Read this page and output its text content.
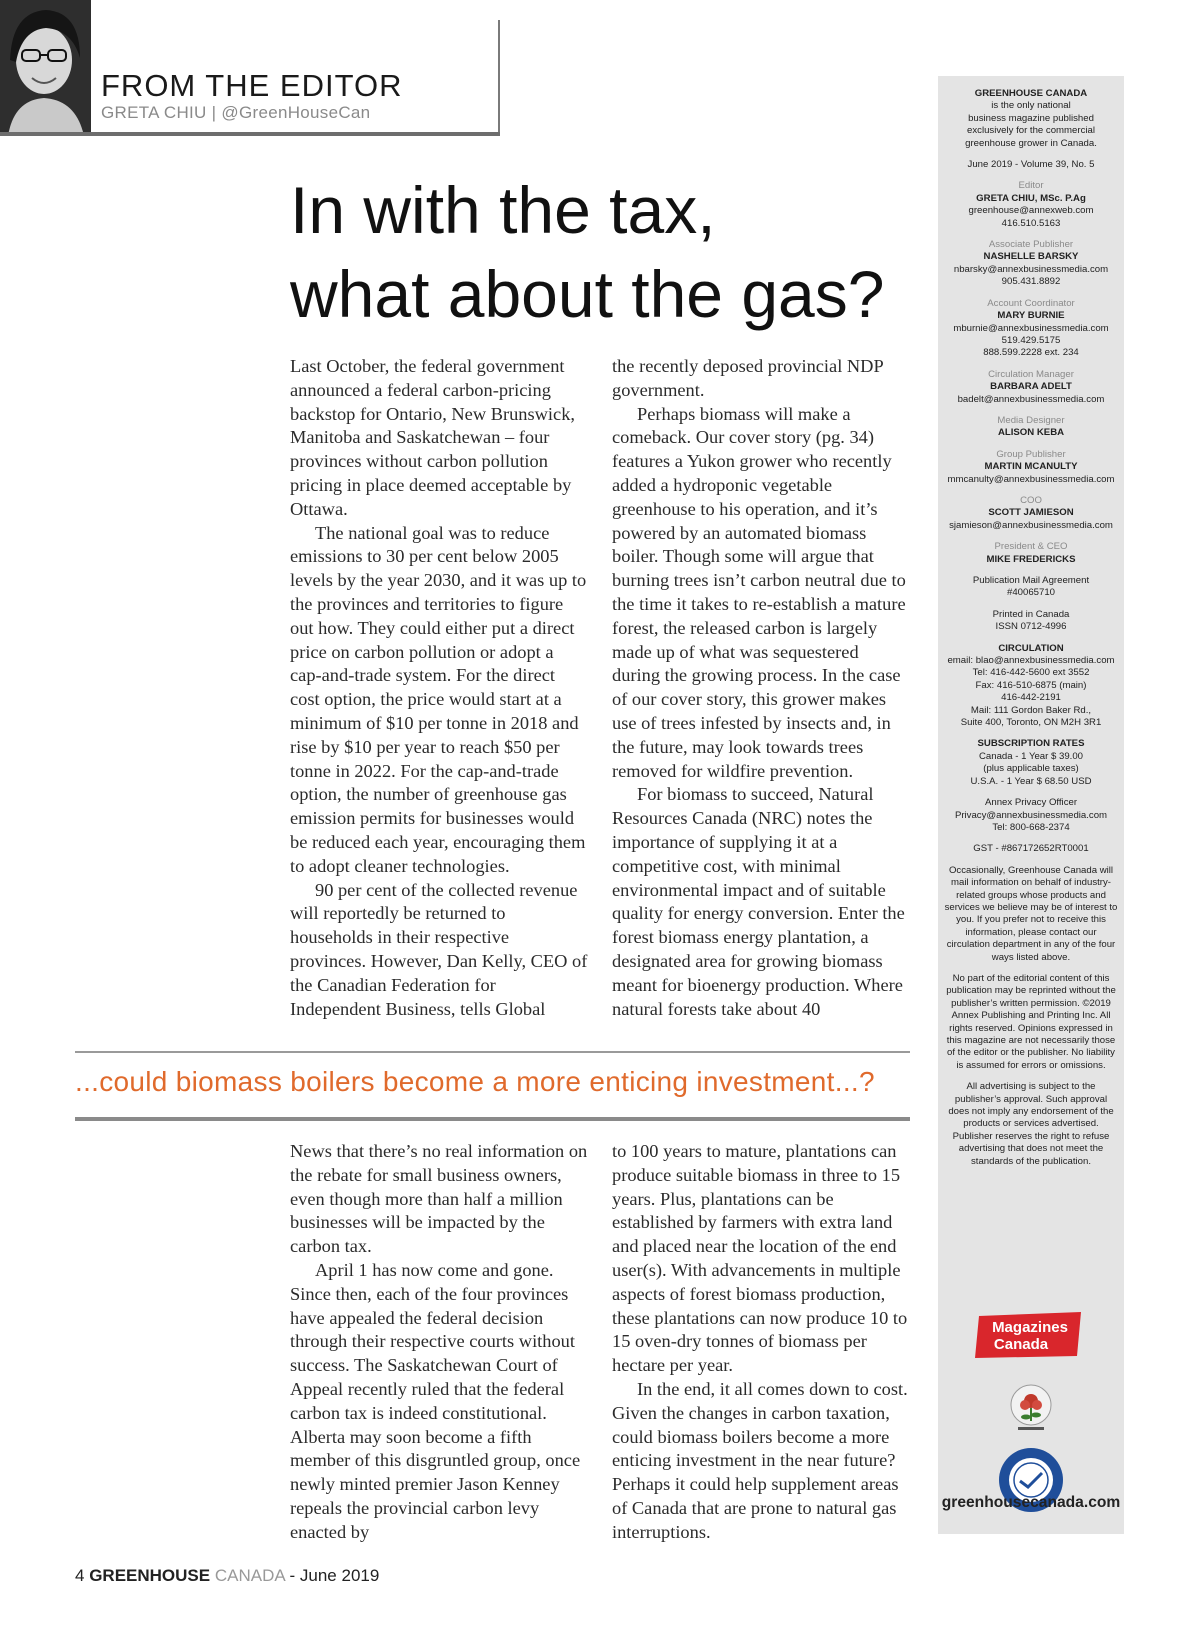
FROM THE EDITOR
GRETA CHIU | @GreenHouseCan
In with the tax,
what about the gas?

Last October, the federal government announced a federal carbon-pricing backstop for Ontario, New Brunswick, Manitoba and Saskatchewan – four provinces without carbon pollution pricing in place deemed acceptable by Ottawa.

The national goal was to reduce emissions to 30 per cent below 2005 levels by the year 2030, and it was up to the provinces and territories to figure out how. They could either put a direct price on carbon pollution or adopt a cap-and-trade system. For the direct cost option, the price would start at a minimum of $10 per tonne in 2018 and rise by $10 per year to reach $50 per tonne in 2022. For the cap-and-trade option, the number of greenhouse gas emission permits for businesses would be reduced each year, encouraging them to adopt cleaner technologies.

90 per cent of the collected revenue will reportedly be returned to households in their respective provinces. However, Dan Kelly, CEO of the Canadian Federation for Independent Business, tells Global

the recently deposed provincial NDP government.

Perhaps biomass will make a comeback. Our cover story (pg. 34) features a Yukon grower who recently added a hydroponic vegetable greenhouse to his operation, and it’s powered by an automated biomass boiler. Though some will argue that burning trees isn’t carbon neutral due to the time it takes to re-establish a mature forest, the released carbon is largely made up of what was sequestered during the growing process. In the case of our cover story, this grower makes use of trees infested by insects and, in the future, may look towards trees removed for wildfire prevention.

For biomass to succeed, Natural Resources Canada (NRC) notes the importance of supplying it at a competitive cost, with minimal environmental impact and of suitable quality for energy conversion. Enter the forest biomass energy plantation, a designated area for growing biomass meant for bioenergy production. Where natural forests take about 40

...could biomass boilers become a more enticing investment...?

News that there’s no real information on the rebate for small business owners, even though more than half a million businesses will be impacted by the carbon tax.

April 1 has now come and gone. Since then, each of the four provinces have appealed the federal decision through their respective courts without success. The Saskatchewan Court of Appeal recently ruled that the federal carbon tax is indeed constitutional. Alberta may soon become a fifth member of this disgruntled group, once newly minted premier Jason Kenney repeals the provincial carbon levy enacted by

to 100 years to mature, plantations can produce suitable biomass in three to 15 years. Plus, plantations can be established by farmers with extra land and placed near the location of the end user(s). With advancements in multiple aspects of forest biomass production, these plantations can now produce 10 to 15 oven-dry tonnes of biomass per hectare per year.

In the end, it all comes down to cost. Given the changes in carbon taxation, could biomass boilers become a more enticing investment in the near future? Perhaps it could help supplement areas of Canada that are prone to natural gas interruptions.

4 GREENHOUSE CANADA - June 2019
GREENHOUSE CANADA
is the only national
business magazine published
exclusively for the commercial
greenhouse grower in Canada.
June 2019 - Volume 39, No. 5
Editor
GRETA CHIU, MSc. P.Ag
greenhouse@annexweb.com
416.510.5163
Associate Publisher
NASHELLE BARSKY
nbarsky@annexbusinessmedia.com
905.431.8892
Account Coordinator
MARY BURNIE
mburnie@annexbusinessmedia.com
519.429.5175
888.599.2228 ext. 234
Circulation Manager
BARBARA ADELT
badelt@annexbusinessmedia.com
Media Designer
ALISON KEBA
Group Publisher
MARTIN MCANULTY
mmcanulty@annexbusinessmedia.com
COO
SCOTT JAMIESON
sjamieson@annexbusinessmedia.com
President & CEO
MIKE FREDERICKS
Publication Mail Agreement
#40065710
Printed in Canada
ISSN 0712-4996
CIRCULATION
email: blao@annexbusinessmedia.com
Tel: 416-442-5600 ext 3552
Fax: 416-510-6875 (main)
416-442-2191
Mail: 111 Gordon Baker Rd.,
Suite 400, Toronto, ON M2H 3R1
SUBSCRIPTION RATES
Canada - 1 Year $ 39.00
(plus applicable taxes)
U.S.A. - 1 Year $ 68.50 USD
Annex Privacy Officer
Privacy@annexbusinessmedia.com
Tel: 800-668-2374
GST - #867172652RT0001
Occasionally, Greenhouse Canada will mail information on behalf of industry-related groups whose products and services we believe may be of interest to you. If you prefer not to receive this information, please contact our circulation department in any of the four ways listed above.
No part of the editorial content of this publication may be reprinted without the publisher’s written permission. ©2019 Annex Publishing and Printing Inc. All rights reserved. Opinions expressed in this magazine are not necessarily those of the editor or the publisher. No liability is assumed for errors or omissions.
All advertising is subject to the publisher’s approval. Such approval does not imply any endorsement of the products or services advertised. Publisher reserves the right to refuse advertising that does not meet the standards of the publication.
Magazines
Canada
greenhousecanada.com
